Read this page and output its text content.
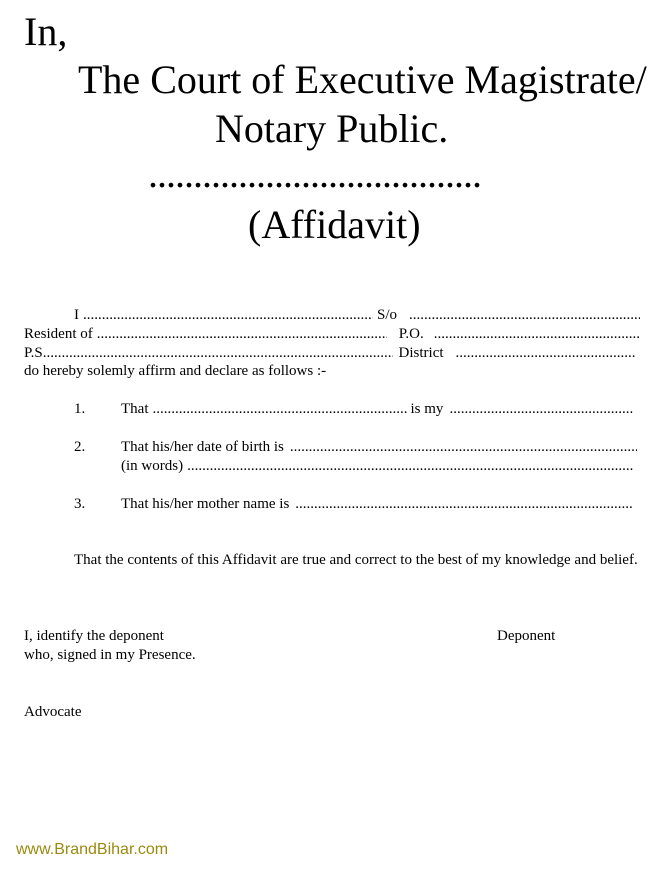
In,
The Court of Executive Magistrate/
Notary Public.
.....................................
(Affidavit)
I .....	S/o
.....
Resident of .....	P.O.
.....
P.S. .....	District
.....
do hereby solemly affirm and declare as follows :-
1. That .....	is my
.....
2. That his/her date of birth is
.....
(in words)
.....
3. That his/her mother name is
.....
That the contents of this Affidavit are true and correct to the best of my knowledge and belief.
I, identify the deponent
who, signed in my Presence.
Deponent
Advocate
www.BrandBihar.com
